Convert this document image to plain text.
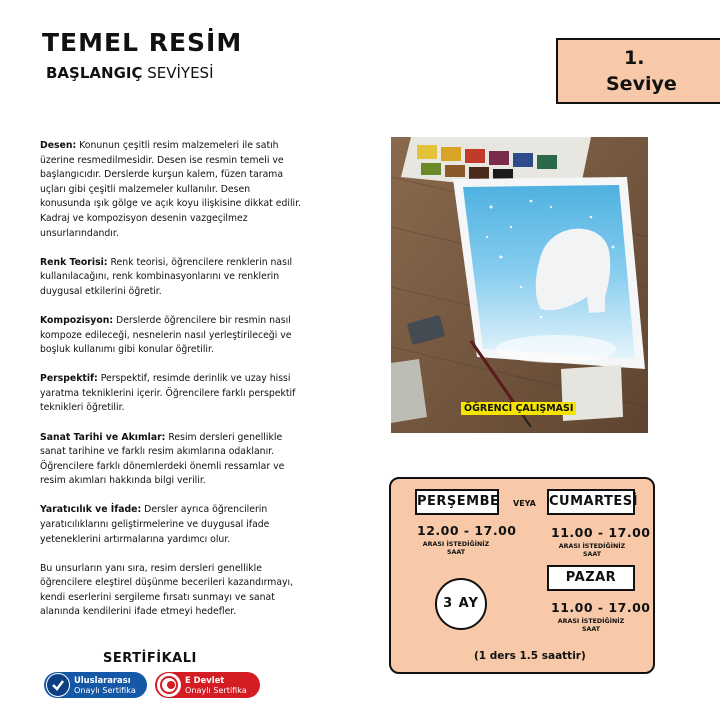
TEMEL RESİM
BAŞLANGIÇ SEVİYESİ
1.
Seviye

Desen: Konunun çeşitli resim malzemeleri ile satıh üzerine resmedilmesidir. Desen ise resmin temeli ve başlangıcıdır. Derslerde kurşun kalem, füzen tarama uçları gibi çeşitli malzemeler kullanılır. Desen konusunda ışık gölge ve açık koyu ilişkisine dikkat edilir. Kadraj ve kompozisyon desenin vazgeçilmez unsurlarındandır.

Renk Teorisi: Renk teorisi, öğrencilere renklerin nasıl kullanılacağını, renk kombinasyonlarını ve renklerin duygusal etkilerini öğretir.

Kompozisyon: Derslerde öğrencilere bir resmin nasıl kompoze edileceği, nesnelerin nasıl yerleştirileceği ve boşluk kullanımı gibi konular öğretilir.

Perspektif: Perspektif, resimde derinlik ve uzay hissi yaratma tekniklerini içerir. Öğrencilere farklı perspektif teknikleri öğretilir.

Sanat Tarihi ve Akımlar: Resim dersleri genellikle sanat tarihine ve farklı resim akımlarına odaklanır. Öğrencilere farklı dönemlerdeki önemli ressamlar ve resim akımları hakkında bilgi verilir.

Yaratıcılık ve İfade: Dersler ayrıca öğrencilerin yaratıcılıklarını geliştirmelerine ve duygusal ifade yeteneklerini artırmalarına yardımcı olur.

Bu unsurların yanı sıra, resim dersleri genellikle öğrencilere eleştirel düşünme becerileri kazandırmayı, kendi eserlerini sergileme fırsatı sunmayı ve sanat alanında kendilerini ifade etmeyi hedefler.

ÖĞRENCİ ÇALIŞMASI
SERTİFİKALI
Uluslararası
Onaylı Sertifika
E Devlet
Onaylı Sertifika
PERŞEMBE VEYA CUMARTESİ
12.00 - 17.00
ARASI İSTEDİĞİNİZ SAAT
11.00 - 17.00
ARASI İSTEDİĞİNİZ SAAT
3 AY
PAZAR
11.00 - 17.00
ARASI İSTEDİĞİNİZ SAAT
(1 ders 1.5 saattir)
